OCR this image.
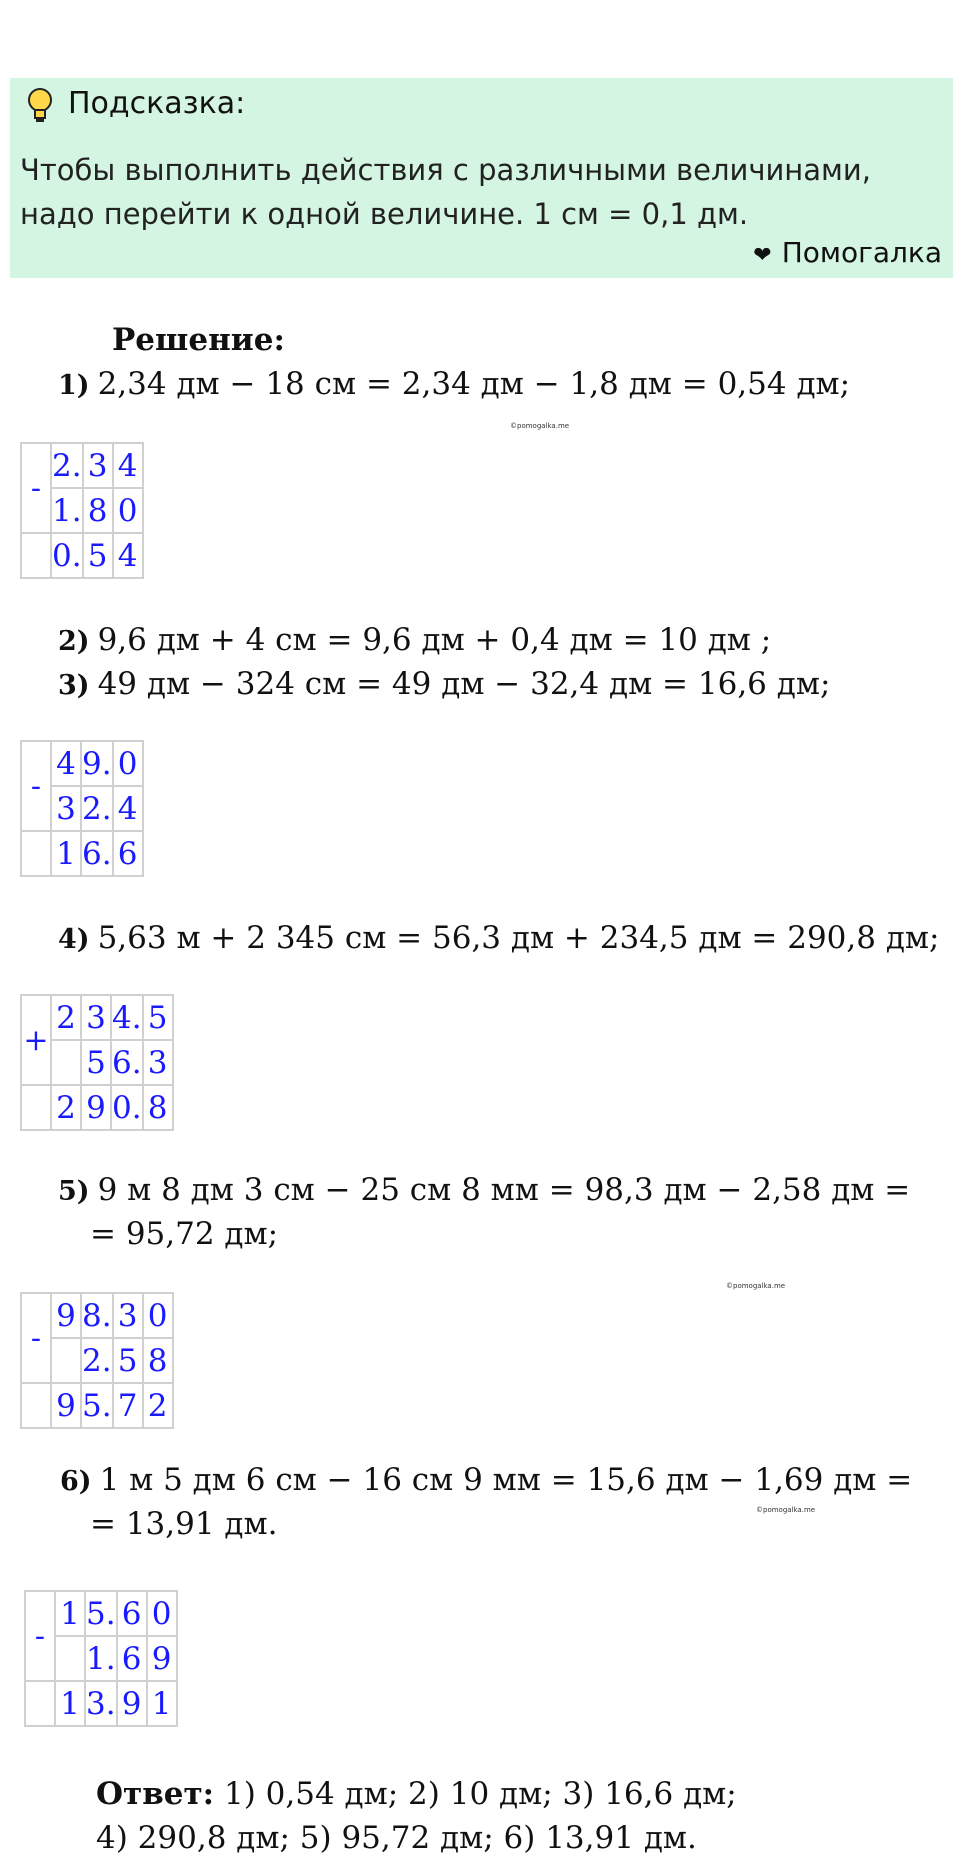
Подсказка:
Чтобы выполнить действия с различными величинами, надо перейти к одной величине. 1 см = 0,1 дм.
❤ Помогалка
Решение:
1) 2,34 дм − 18 см = 2,34 дм − 1,8 дм = 0,54 дм;
©pomogalka.me
-	2.	3	4
	1.	8	0
	0.	5	4
2) 9,6 дм + 4 см = 9,6 дм + 0,4 дм = 10 дм ;
3) 49 дм − 324 см = 49 дм − 32,4 дм = 16,6 дм;
-	4	9.	0
	3	2.	4
	1	6.	6
4) 5,63 м + 2 345 см = 56,3 дм + 234,5 дм = 290,8 дм;
+	2	3	4.	5
		5	6.	3
	2	9	0.	8
5) 9 м 8 дм 3 см − 25 см 8 мм = 98,3 дм − 2,58 дм =
= 95,72 дм;
©pomogalka.me
-	9	8.	3	0
		2.	5	8
	9	5.	7	2
6) 1 м 5 дм 6 см − 16 см 9 мм = 15,6 дм − 1,69 дм =
©pomogalka.me
= 13,91 дм.
-	1	5.	6	0
		1.	6	9
	1	3.	9	1
Ответ: 1) 0,54 дм; 2) 10 дм; 3) 16,6 дм;
4) 290,8 дм; 5) 95,72 дм; 6) 13,91 дм.
